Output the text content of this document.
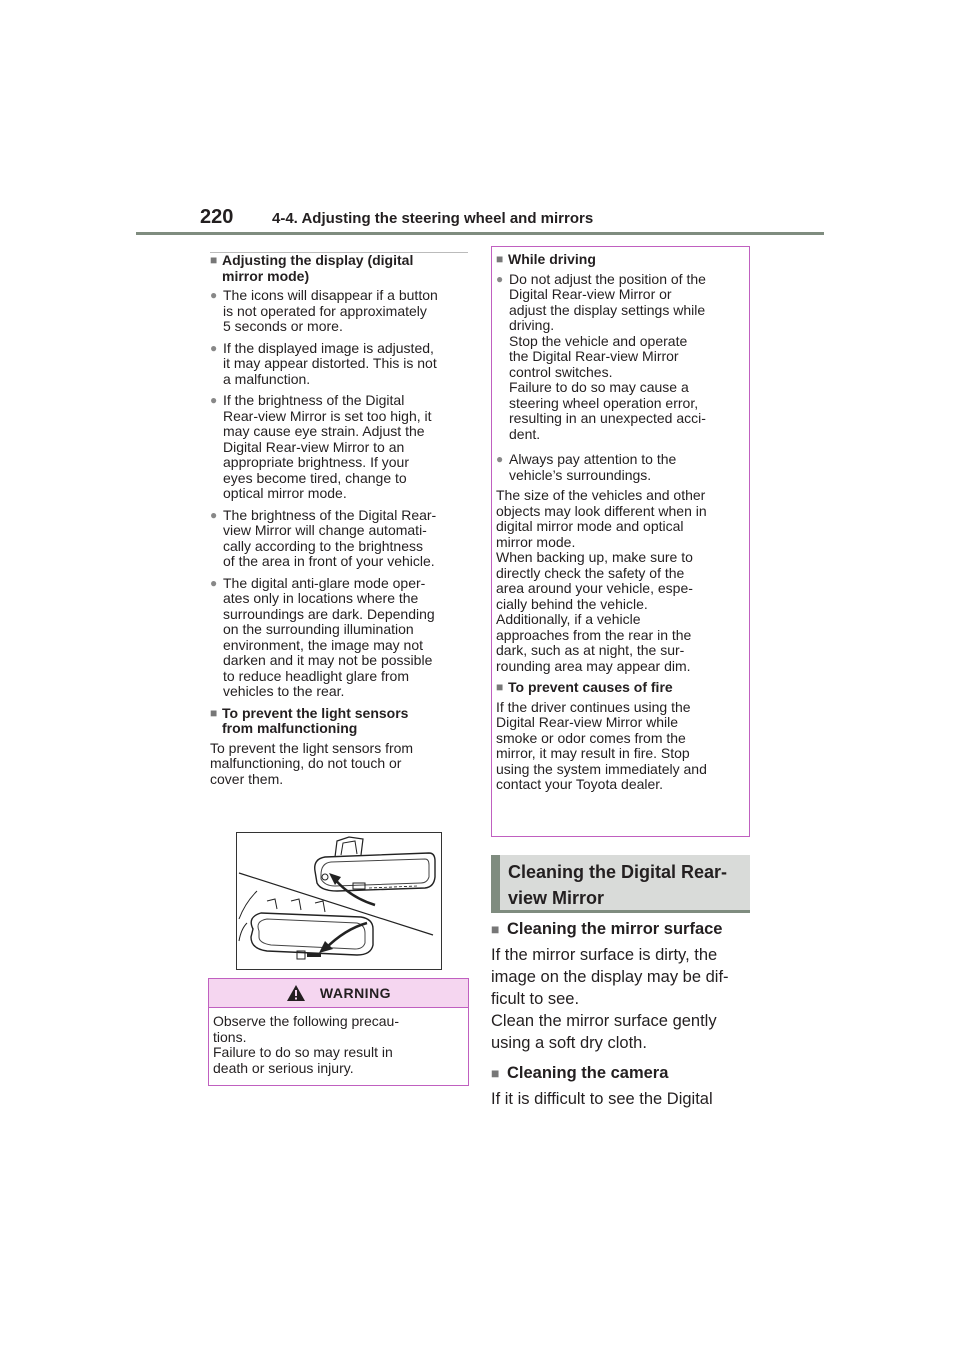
220	4-4. Adjusting the steering wheel and mirrors
■ Adjusting the display (digital
mirror mode)
● The icons will disappear if a button
is not operated for approximately
5 seconds or more.
● If the displayed image is adjusted,
it may appear distorted. This is not
a malfunction.
● If the brightness of the Digital
Rear-view Mirror is set too high, it
may cause eye strain. Adjust the
Digital Rear-view Mirror to an
appropriate brightness. If your
eyes become tired, change to
optical mirror mode.
● The brightness of the Digital Rear-
view Mirror will change automati-
cally according to the brightness
of the area in front of your vehicle.
● The digital anti-glare mode oper-
ates only in locations where the
surroundings are dark. Depending
on the surrounding illumination
environment, the image may not
darken and it may not be possible
to reduce headlight glare from
vehicles to the rear.
■ To prevent the light sensors
from malfunctioning
To prevent the light sensors from
malfunctioning, do not touch or
cover them.
WARNING
Observe the following precau-
tions.
Failure to do so may result in
death or serious injury.
■ While driving
● Do not adjust the position of the
Digital Rear-view Mirror or
adjust the display settings while
driving.
Stop the vehicle and operate
the Digital Rear-view Mirror
control switches.
Failure to do so may cause a
steering wheel operation error,
resulting in an unexpected acci-
dent.
● Always pay attention to the
vehicle’s surroundings.
The size of the vehicles and other
objects may look different when in
digital mirror mode and optical
mirror mode.
When backing up, make sure to
directly check the safety of the
area around your vehicle, espe-
cially behind the vehicle.
Additionally, if a vehicle
approaches from the rear in the
dark, such as at night, the sur-
rounding area may appear dim.
■ To prevent causes of fire
If the driver continues using the
Digital Rear-view Mirror while
smoke or odor comes from the
mirror, it may result in fire. Stop
using the system immediately and
contact your Toyota dealer.
Cleaning the Digital Rear-
view Mirror
■ Cleaning the mirror surface
If the mirror surface is dirty, the
image on the display may be dif-
ficult to see.
Clean the mirror surface gently
using a soft dry cloth.
■ Cleaning the camera
If it is difficult to see the Digital
